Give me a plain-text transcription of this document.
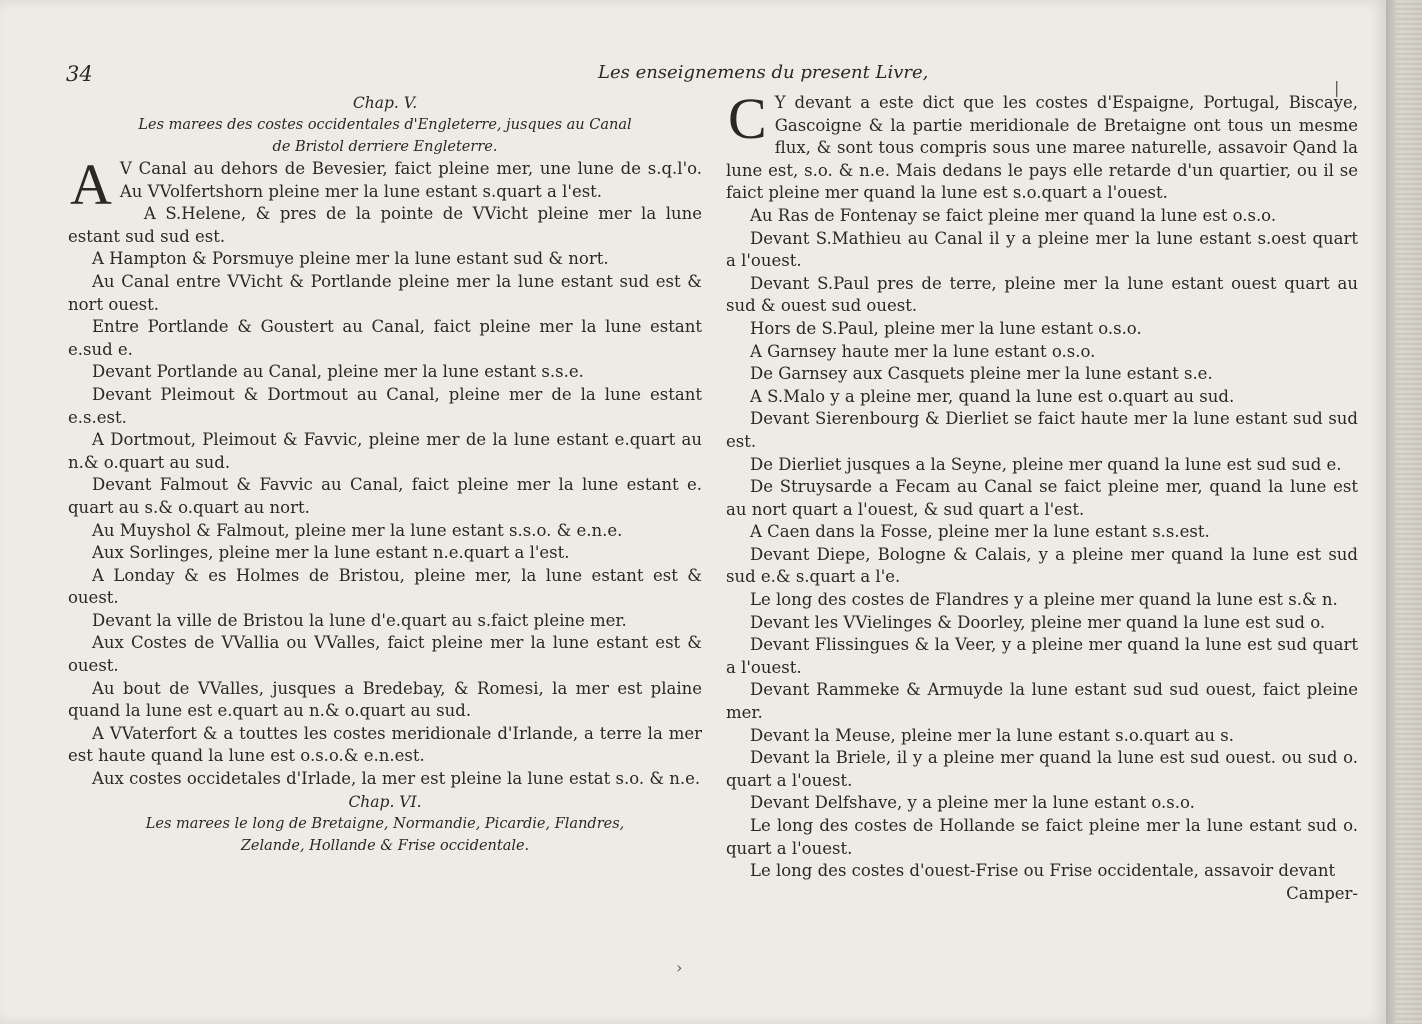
34	Les enseignemens du present Livre,
Chap. V.
Les marees des costes occidentales d'Engleterre, jusques au Canal
de Bristol derriere Engleterre.

A V Canal au dehors de Bevesier, faict pleine mer, une lune de s.q.l'o. Au VVolfertshorn pleine mer la lune estant s.quart a l'est.

A S.Helene, & pres de la pointe de VVicht pleine mer la lune estant sud sud est.

A Hampton & Porsmuye pleine mer la lune estant sud & nort.

Au Canal entre VVicht & Portlande pleine mer la lune estant sud est & nort ouest.

Entre Portlande & Goustert au Canal, faict pleine mer la lune estant e.sud e.

Devant Portlande au Canal, pleine mer la lune estant s.s.e.

Devant Pleimout & Dortmout au Canal, pleine mer de la lune estant e.s.est.

A Dortmout, Pleimout & Favvic, pleine mer de la lune estant e.quart au n.& o.quart au sud.

Devant Falmout & Favvic au Canal, faict pleine mer la lune estant e. quart au s.& o.quart au nort.

Au Muyshol & Falmout, pleine mer la lune estant s.s.o. & e.n.e.

Aux Sorlinges, pleine mer la lune estant n.e.quart a l'est.

A Londay & es Holmes de Bristou, pleine mer, la lune estant est & ouest.

Devant la ville de Bristou la lune d'e.quart au s.faict pleine mer.

Aux Costes de VVallia ou VValles, faict pleine mer la lune estant est & ouest.

Au bout de VValles, jusques a Bredebay, & Romesi, la mer est plaine quand la lune est e.quart au n.& o.quart au sud.

A VVaterfort & a touttes les costes meridionale d'Irlande, a terre la mer est haute quand la lune est o.s.o.& e.n.est.

Aux costes occidetales d'Irlade, la mer est pleine la lune estat s.o. & n.e.

Chap. VI.
Les marees le long de Bretaigne, Normandie, Picardie, Flandres,
Zelande, Hollande & Frise occidentale.

C Y devant a este dict que les costes d'Espaigne, Portugal, Biscaye, Gascoigne & la partie meridionale de Bretaigne ont tous un mesme flux, & sont tous compris sous une maree naturelle, assavoir Qand la lune est, s.o. & n.e. Mais dedans le pays elle retarde d'un quartier, ou il se faict pleine mer quand la lune est s.o.quart a l'ouest.

Au Ras de Fontenay se faict pleine mer quand la lune est o.s.o.

Devant S.Mathieu au Canal il y a pleine mer la lune estant s.oest quart a l'ouest.

Devant S.Paul pres de terre, pleine mer la lune estant ouest quart au sud & ouest sud ouest.

Hors de S.Paul, pleine mer la lune estant o.s.o.

A Garnsey haute mer la lune estant o.s.o.

De Garnsey aux Casquets pleine mer la lune estant s.e.

A S.Malo y a pleine mer, quand la lune est o.quart au sud.

Devant Sierenbourg & Dierliet se faict haute mer la lune estant sud sud est.

De Dierliet jusques a la Seyne, pleine mer quand la lune est sud sud e.

De Struysarde a Fecam au Canal se faict pleine mer, quand la lune est au nort quart a l'ouest, & sud quart a l'est.

A Caen dans la Fosse, pleine mer la lune estant s.s.est.

Devant Diepe, Bologne & Calais, y a pleine mer quand la lune est sud sud e.& s.quart a l'e.

Le long des costes de Flandres y a pleine mer quand la lune est s.& n.

Devant les VVielinges & Doorley, pleine mer quand la lune est sud o.

Devant Flissingues & la Veer, y a pleine mer quand la lune est sud quart a l'ouest.

Devant Rammeke & Armuyde la lune estant sud sud ouest, faict pleine mer.

Devant la Meuse, pleine mer la lune estant s.o.quart au s.

Devant la Briele, il y a pleine mer quand la lune est sud ouest. ou sud o. quart a l'ouest.

Devant Delfshave, y a pleine mer la lune estant o.s.o.

Le long des costes de Hollande se faict pleine mer la lune estant sud o. quart a l'ouest.

Le long des costes d'ouest-Frise ou Frise occidentale, assavoir devant

Camper-
›
|
